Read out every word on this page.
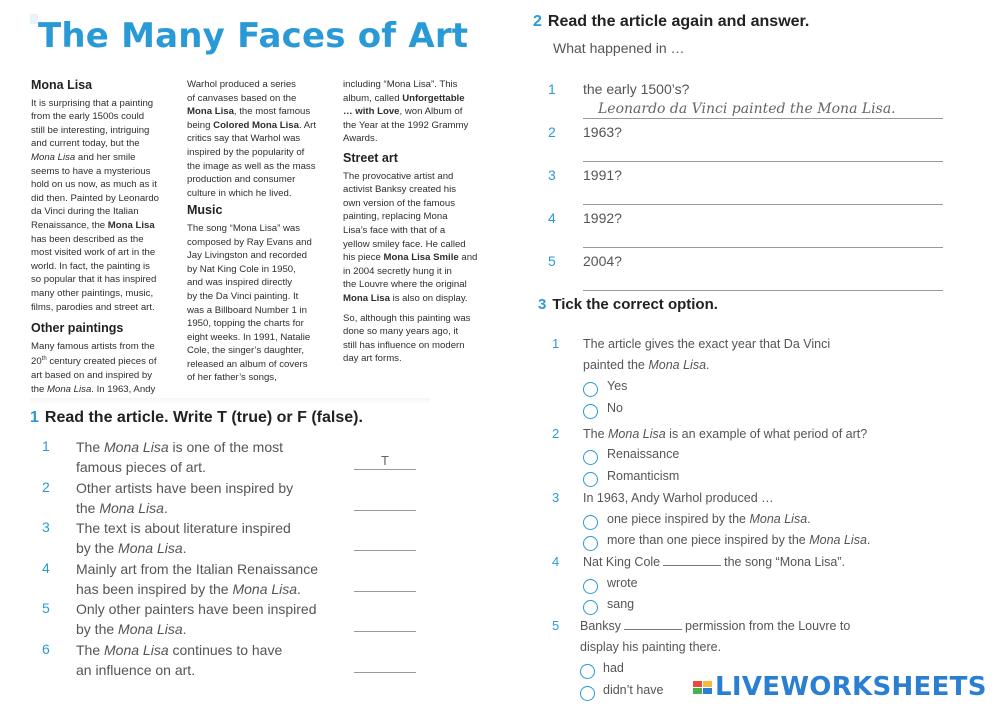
The Many Faces of Art
Mona Lisa

It is surprising that a painting
from the early 1500s could
still be interesting, intriguing
and current today, but the
Mona Lisa and her smile
seems to have a mysterious
hold on us now, as much as it
did then. Painted by Leonardo
da Vinci during the Italian
Renaissance, the Mona Lisa
has been described as the
most visited work of art in the
world. In fact, the painting is
so popular that it has inspired
many other paintings, music,
films, parodies and street art.

Other paintings

Many famous artists from the
20th century created pieces of
art based on and inspired by
the Mona Lisa. In 1963, Andy

Warhol produced a series
of canvases based on the
Mona Lisa, the most famous
being Colored Mona Lisa. Art
critics say that Warhol was
inspired by the popularity of
the image as well as the mass
production and consumer
culture in which he lived.

Music

The song “Mona Lisa” was
composed by Ray Evans and
Jay Livingston and recorded
by Nat King Cole in 1950,
and was inspired directly
by the Da Vinci painting. It
was a Billboard Number 1 in
1950, topping the charts for
eight weeks. In 1991, Natalie
Cole, the singer’s daughter,
released an album of covers
of her father’s songs,

including “Mona Lisa”. This
album, called Unforgettable
… with Love, won Album of
the Year at the 1992 Grammy
Awards.

Street art

The provocative artist and
activist Banksy created his
own version of the famous
painting, replacing Mona
Lisa’s face with that of a
yellow smiley face. He called
his piece Mona Lisa Smile and
in 2004 secretly hung it in
the Louvre where the original
Mona Lisa is also on display.

So, although this painting was
done so many years ago, it
still has influence on modern
day art forms.

1 Read the article. Write T (true) or F (false).
1 The Mona Lisa is one of the most
famous pieces of art.	T
2 Other artists have been inspired by
the Mona Lisa.
3 The text is about literature inspired
by the Mona Lisa.
4 Mainly art from the Italian Renaissance
has been inspired by the Mona Lisa.
5 Only other painters have been inspired
by the Mona Lisa.
6 The Mona Lisa continues to have
an influence on art.
2 Read the article again and answer.
What happened in …
1 the early 1500’s?
Leonardo da Vinci painted the Mona Lisa.
2 1963?
3 1991?
4 1992?
5 2004?
3 Tick the correct option.
1 The article gives the exact year that Da Vinci
painted the Mona Lisa.
Yes
No
2 The Mona Lisa is an example of what period of art?
Renaissance
Romanticism
3 In 1963, Andy Warhol produced …
one piece inspired by the Mona Lisa.
more than one piece inspired by the Mona Lisa.
4 Nat King Cole	the song “Mona Lisa”.
wrote
sang
5 Banksy	permission from the Louvre to
display his painting there.
had
didn’t have LIVEWORKSHEETS
